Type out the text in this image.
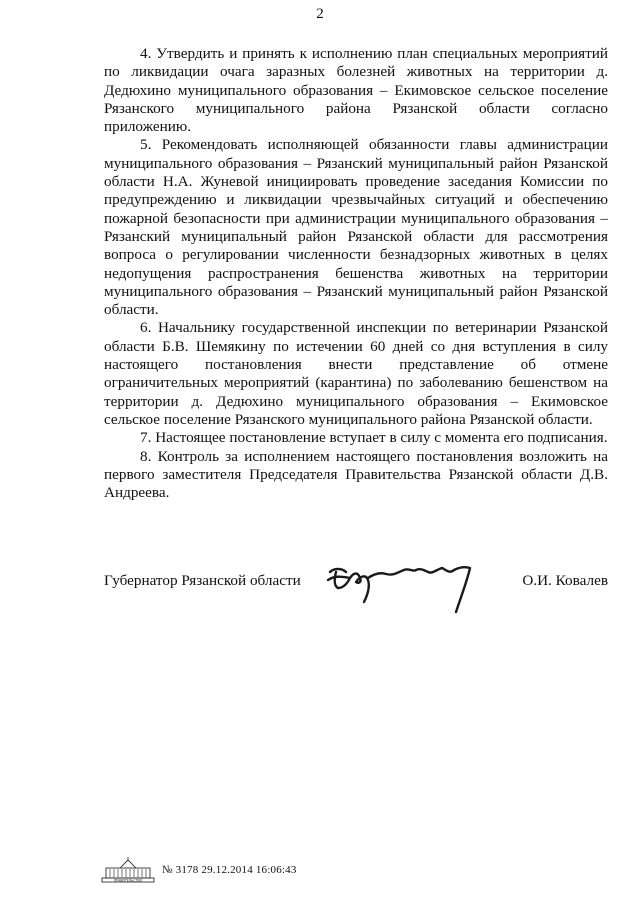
2

4. Утвердить и принять к исполнению план специальных мероприятий по ликвидации очага заразных болезней животных на территории д. Дедюхино муниципального образования – Екимовское сельское поселение Рязанского муниципального района Рязанской области согласно приложению.

5. Рекомендовать исполняющей обязанности главы администрации муниципального образования – Рязанский муниципальный район Рязанской области Н.А. Жуневой инициировать проведение заседания Комиссии по предупреждению и ликвидации чрезвычайных ситуаций и обеспечению пожарной безопасности при администрации муниципального образования – Рязанский муниципальный район Рязанской области для рассмотрения вопроса о регулировании численности безнадзорных животных в целях недопущения распространения бешенства животных на территории муниципального образования – Рязанский муниципальный район Рязанской области.

6. Начальнику государственной инспекции по ветеринарии Рязанской области Б.В. Шемякину по истечении 60 дней со дня вступления в силу настоящего постановления внести представление об отмене ограничительных мероприятий (карантина) по заболеванию бешенством на территории д. Дедюхино муниципального образования – Екимовское сельское поселение Рязанского муниципального района Рязанской области.

7. Настоящее постановление вступает в силу с момента его подписания.

8. Контроль за исполнением настоящего постановления возложить на первого заместителя Председателя Правительства Рязанской области Д.В. Андреева.

Губернатор Рязанской области	О.И. Ковалев
ПРАВИТЕЛЬСТВО
№ 3178 29.12.2014 16:06:43
